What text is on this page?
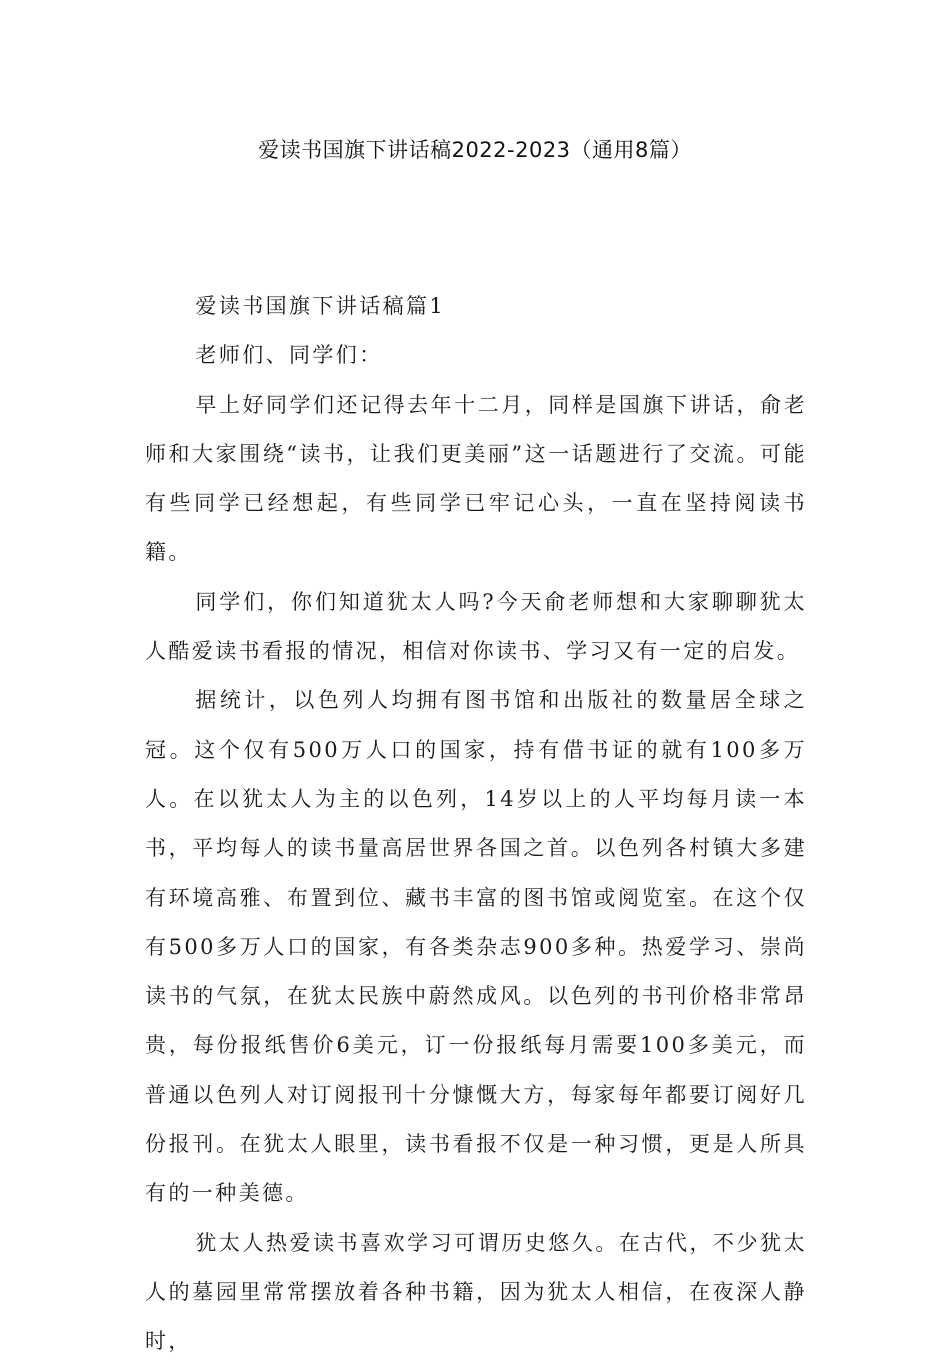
爱读书国旗下讲话稿2022-2023（通用8篇）

爱读书国旗下讲话稿篇1

老师们、同学们：

早上好同学们还记得去年十二月，同样是国旗下讲话，俞老师和大家围绕“读书，让我们更美丽”这一话题进行了交流。可能有些同学已经想起，有些同学已牢记心头，一直在坚持阅读书籍。

同学们，你们知道犹太人吗?今天俞老师想和大家聊聊犹太人酷爱读书看报的情况，相信对你读书、学习又有一定的启发。

据统计，以色列人均拥有图书馆和出版社的数量居全球之冠。这个仅有500万人口的国家，持有借书证的就有100多万人。在以犹太人为主的以色列，14岁以上的人平均每月读一本书，平均每人的读书量高居世界各国之首。以色列各村镇大多建有环境高雅、布置到位、藏书丰富的图书馆或阅览室。在这个仅有500多万人口的国家，有各类杂志900多种。热爱学习、崇尚读书的气氛，在犹太民族中蔚然成风。以色列的书刊价格非常昂贵，每份报纸售价6美元，订一份报纸每月需要100多美元，而普通以色列人对订阅报刊十分慷慨大方，每家每年都要订阅好几份报刊。在犹太人眼里，读书看报不仅是一种习惯，更是人所具有的一种美德。

犹太人热爱读书喜欢学习可谓历史悠久。在古代，不少犹太人的墓园里常常摆放着各种书籍，因为犹太人相信，在夜深人静时，
